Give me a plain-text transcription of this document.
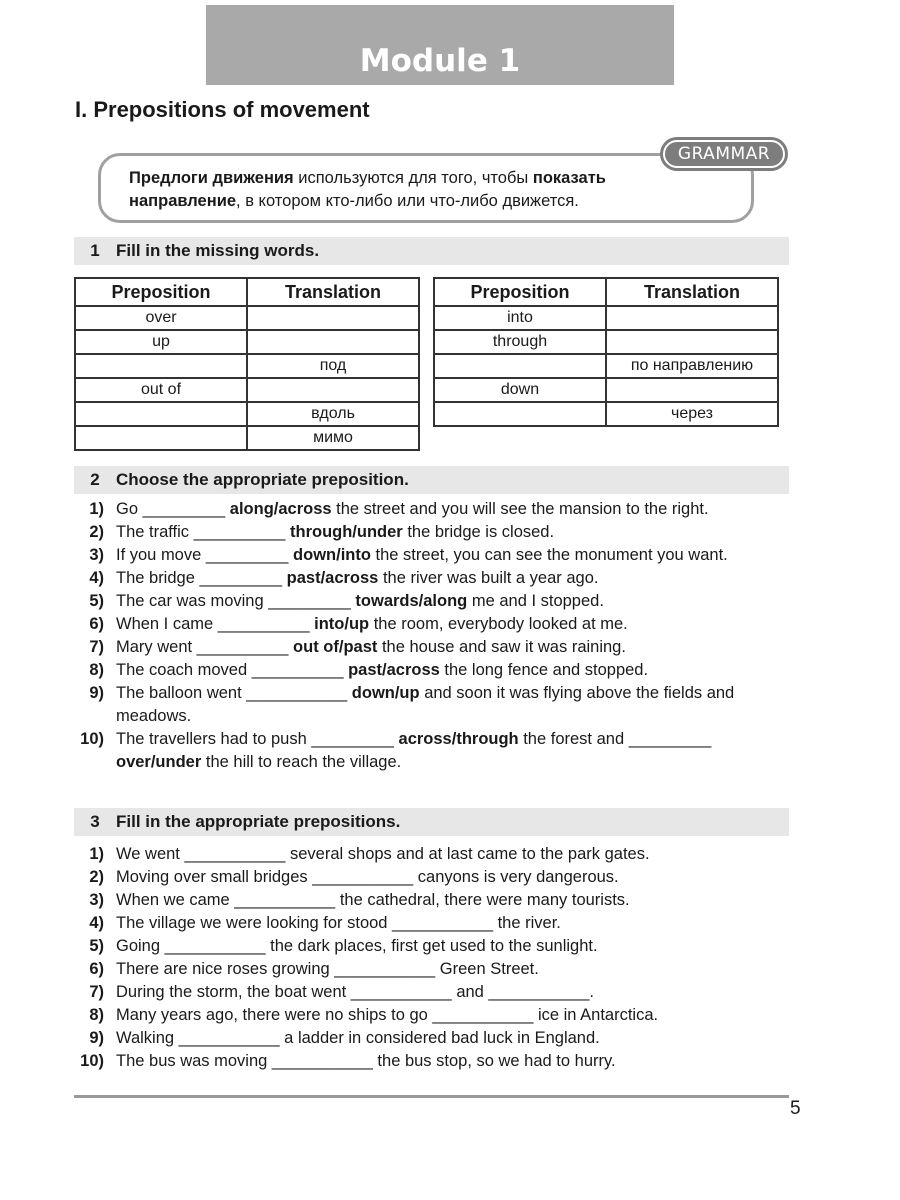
Module 1
I. Prepositions of movement
Предлоги движения используются для того, чтобы показать
направление, в котором кто-либо или что-либо движется.
GRAMMAR
1 Fill in the missing words.
Preposition	Translation
over	
up	
	под
out of	
	вдоль
	мимо
Preposition	Translation
into	
through	
	по направлению
down	
	через
2 Choose the appropriate preposition.
1) Go _________ along/across the street and you will see the mansion to the right.
2) The traffic __________ through/under the bridge is closed.
3) If you move _________ down/into the street, you can see the monument you want.
4) The bridge _________ past/across the river was built a year ago.
5) The car was moving _________ towards/along me and I stopped.
6) When I came __________ into/up the room, everybody looked at me.
7) Mary went __________ out of/past the house and saw it was raining.
8) The coach moved __________ past/across the long fence and stopped.
9) The balloon went ___________ down/up and soon it was flying above the fields and meadows.
10) The travellers had to push _________ across/through the forest and _________ over/under the hill to reach the village.
3 Fill in the appropriate prepositions.
1) We went ___________ several shops and at last came to the park gates.
2) Moving over small bridges ___________ canyons is very dangerous.
3) When we came ___________ the cathedral, there were many tourists.
4) The village we were looking for stood ___________ the river.
5) Going ___________ the dark places, first get used to the sunlight.
6) There are nice roses growing ___________ Green Street.
7) During the storm, the boat went ___________ and ___________.
8) Many years ago, there were no ships to go ___________ ice in Antarctica.
9) Walking ___________ a ladder in considered bad luck in England.
10) The bus was moving ___________ the bus stop, so we had to hurry.
5
